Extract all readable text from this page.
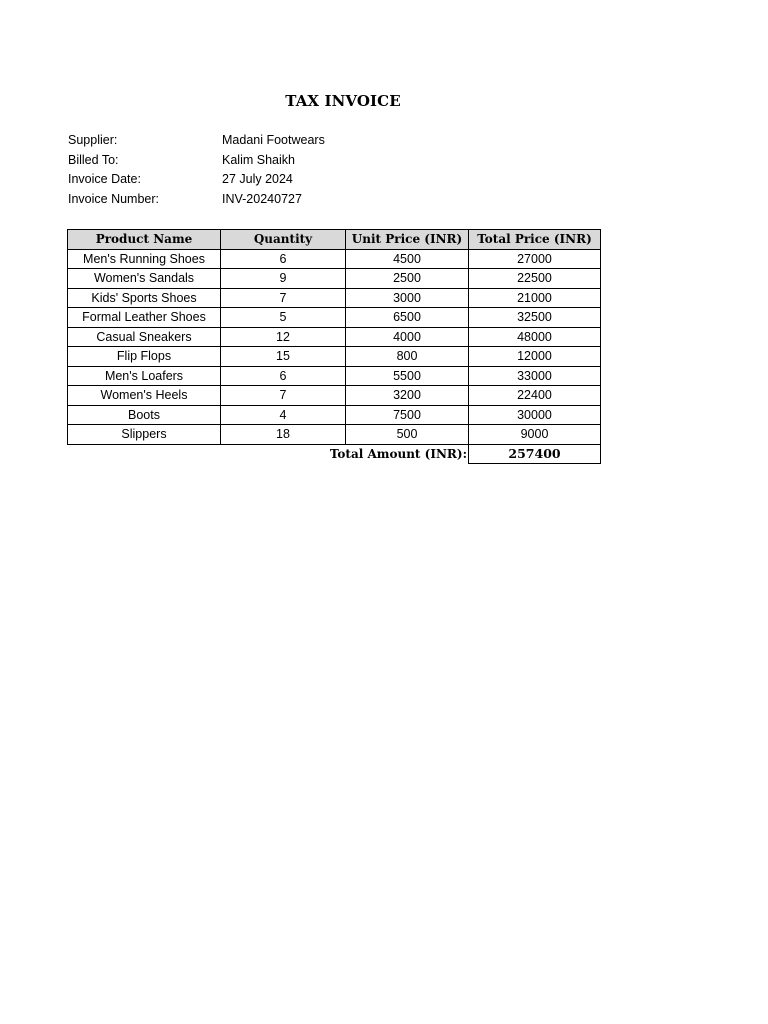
TAX INVOICE
Supplier:	Madani Footwears
Billed To:	Kalim Shaikh
Invoice Date:	27 July 2024
Invoice Number:	INV-20240727
Product Name	Quantity	Unit Price (INR)	Total Price (INR)
Men's Running Shoes	6	4500	27000
Women's Sandals	9	2500	22500
Kids' Sports Shoes	7	3000	21000
Formal Leather Shoes	5	6500	32500
Casual Sneakers	12	4000	48000
Flip Flops	15	800	12000
Men's Loafers	6	5500	33000
Women's Heels	7	3200	22400
Boots	4	7500	30000
Slippers	18	500	9000
	Total Amount (INR):		257400
